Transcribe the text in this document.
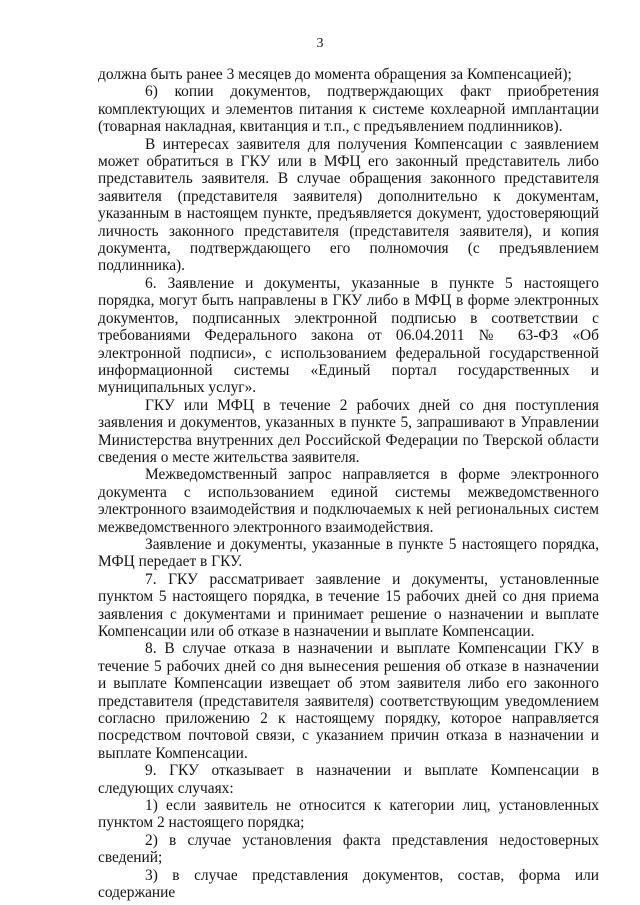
3

должна быть ранее 3 месяцев до момента обращения за Компенсацией);

6) копии документов, подтверждающих факт приобретения комплектующих и элементов питания к системе кохлеарной имплантации (товарная накладная, квитанция и т.п., с предъявлением подлинников).

В интересах заявителя для получения Компенсации с заявлением может обратиться в ГКУ или в МФЦ его законный представитель либо представитель заявителя. В случае обращения законного представителя заявителя (представителя заявителя) дополнительно к документам, указанным в настоящем пункте, предъявляется документ, удостоверяющий личность законного представителя (представителя заявителя), и копия документа, подтверждающего его полномочия (с предъявлением подлинника).

6. Заявление и документы, указанные в пункте 5 настоящего порядка, могут быть направлены в ГКУ либо в МФЦ в форме электронных документов, подписанных электронной подписью в соответствии с требованиями Федерального закона от 06.04.2011 № 63-ФЗ «Об электронной подписи», с использованием федеральной государственной информационной системы «Единый портал государственных и муниципальных услуг».

ГКУ или МФЦ в течение 2 рабочих дней со дня поступления заявления и документов, указанных в пункте 5, запрашивают в Управлении Министерства внутренних дел Российской Федерации по Тверской области сведения о месте жительства заявителя.

Межведомственный запрос направляется в форме электронного документа с использованием единой системы межведомственного электронного взаимодействия и подключаемых к ней региональных систем межведомственного электронного взаимодействия.

Заявление и документы, указанные в пункте 5 настоящего порядка, МФЦ передает в ГКУ.

7. ГКУ рассматривает заявление и документы, установленные пунктом 5 настоящего порядка, в течение 15 рабочих дней со дня приема заявления с документами и принимает решение о назначении и выплате Компенсации или об отказе в назначении и выплате Компенсации.

8. В случае отказа в назначении и выплате Компенсации ГКУ в течение 5 рабочих дней со дня вынесения решения об отказе в назначении и выплате Компенсации извещает об этом заявителя либо его законного представителя (представителя заявителя) соответствующим уведомлением согласно приложению 2 к настоящему порядку, которое направляется посредством почтовой связи, с указанием причин отказа в назначении и выплате Компенсации.

9. ГКУ отказывает в назначении и выплате Компенсации в следующих случаях:

1) если заявитель не относится к категории лиц, установленных пунктом 2 настоящего порядка;

2) в случае установления факта представления недостоверных сведений;

3) в случае представления документов, состав, форма или содержание
